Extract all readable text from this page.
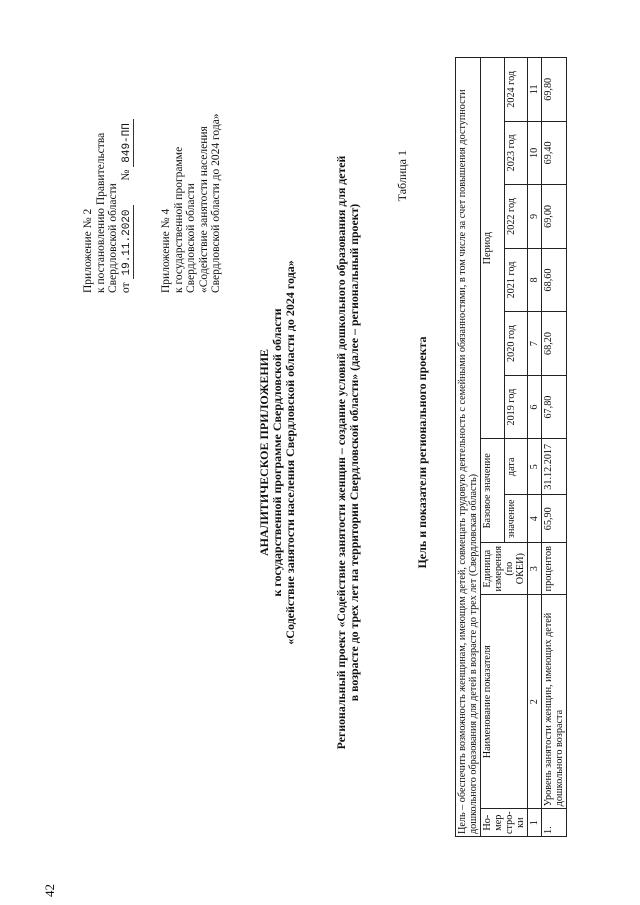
42
Приложение № 2 к постановлению Правительства Свердловской области от 19.11.2020 № 849-ПП
Приложение № 4 к государственной программе Свердловской области «Содействие занятости населения Свердловской области до 2024 года»
АНАЛИТИЧЕСКОЕ ПРИЛОЖЕНИЕ к государственной программе Свердловской области «Содействие занятости населения Свердловской области до 2024 года»	Региональный проект «Содействие занятости женщин – создание условий дошкольного образования для детей в возрасте до трех лет на территории Свердловской области» (далее – региональный проект)
Таблица 1
Цель и показатели регионального проекта	Цель – обеспечить возможность женщинам, имеющим детей, совмещать трудовую деятельность с семейными обязанностями, в том числе за счет повышения доступности дошкольного образования для детей в возрасте до трех лет (Свердловская область)										
Но-мер стро-ки	Наименование показателя	Единица измерения (по ОКЕИ)	Базовое значение		Период					
			значение	дата	2019 год	2020 год	2021 год	2022 год	2023 год	2024 год
1	2	3	4	5	6	7	8	9	10	11
1.	Уровень занятости женщин, имеющих детей дошкольного возраста	процентов	65,90	31.12.2017	67,80	68,20	68,60	69,00	69,40	69,80
